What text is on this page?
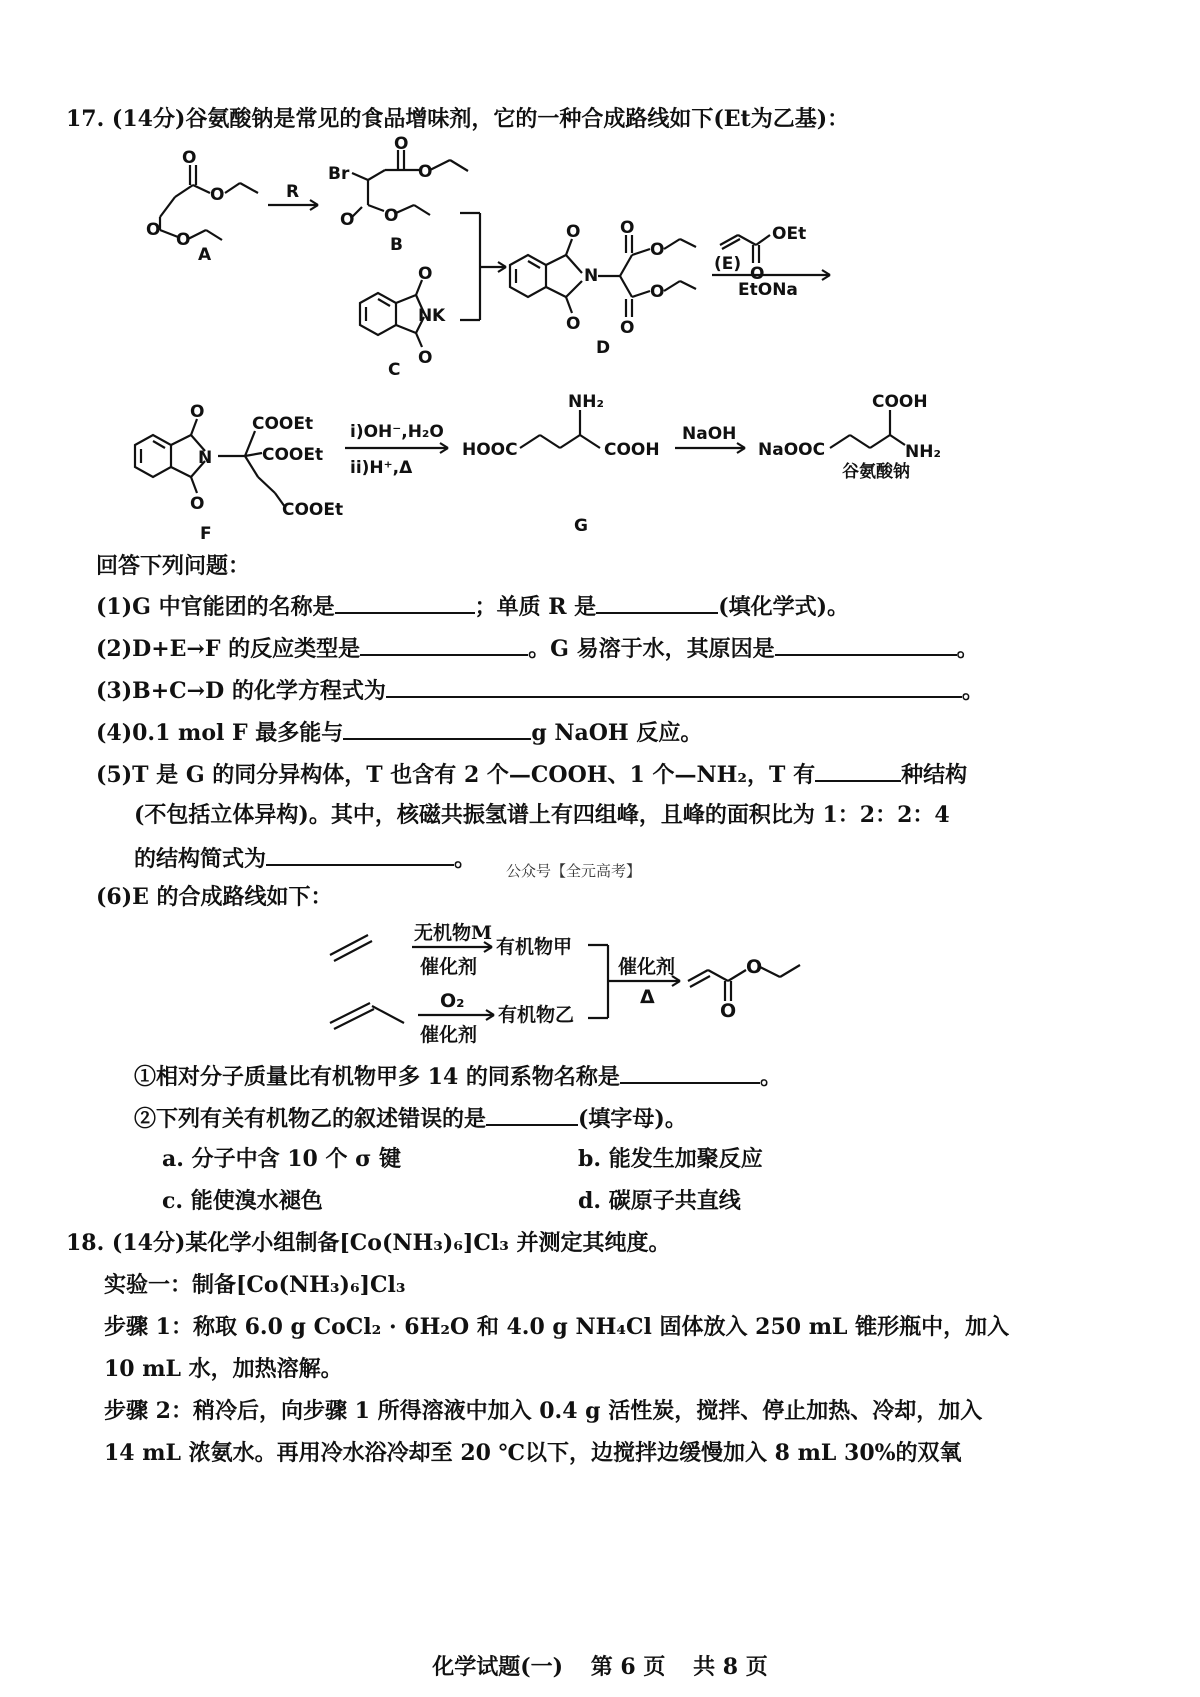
17. (14分)谷氨酸钠是常见的食品增味剂，它的一种合成路线如下(Et为乙基)：
O
O
O O
A
R
Br
O
O
O O
B
O
N K
O
C
O
N
O
O
O
O
O
D
OEt
O
(E)
EtONa
O
N
O
COOEt
COOEt
COOEt
F
i)OH⁻,H₂O
ii)H⁺,Δ
HOOC
NH₂
COOH
G
NaOH
NaOOC
COOH
NH₂
谷氨酸钠
回答下列问题：
(1)G 中官能团的名称是	；单质 R 是	(填化学式)。
(2)D+E→F 的反应类型是	。G 易溶于水，其原因是	。
(3)B+C→D 的化学方程式为	。
(4)0.1 mol F 最多能与	g NaOH 反应。
(5)T 是 G 的同分异构体，T 也含有 2 个—COOH、1 个—NH₂，T 有	种结构
(不包括立体异构)。其中，核磁共振氢谱上有四组峰，且峰的面积比为 1：2：2：4
的结构简式为	。 公众号【全元高考】
(6)E 的合成路线如下：
无机物M
催化剂
有机物甲
O₂
催化剂
有机物乙
催化剂
Δ
O
O
①相对分子质量比有机物甲多 14 的同系物名称是	。
②下列有关有机物乙的叙述错误的是	(填字母)。
a. 分子中含 10 个 σ 键	b. 能发生加聚反应
c. 能使溴水褪色	d. 碳原子共直线
18. (14分)某化学小组制备[Co(NH₃)₆]Cl₃ 并测定其纯度。
实验一：制备[Co(NH₃)₆]Cl₃
步骤 1：称取 6.0 g CoCl₂ · 6H₂O 和 4.0 g NH₄Cl 固体放入 250 mL 锥形瓶中，加入
10 mL 水，加热溶解。
步骤 2：稍冷后，向步骤 1 所得溶液中加入 0.4 g 活性炭，搅拌、停止加热、冷却，加入
14 mL 浓氨水。再用冷水浴冷却至 20 ℃以下，边搅拌边缓慢加入 8 mL 30%的双氧
化学试题(一) 第 6 页 共 8 页
